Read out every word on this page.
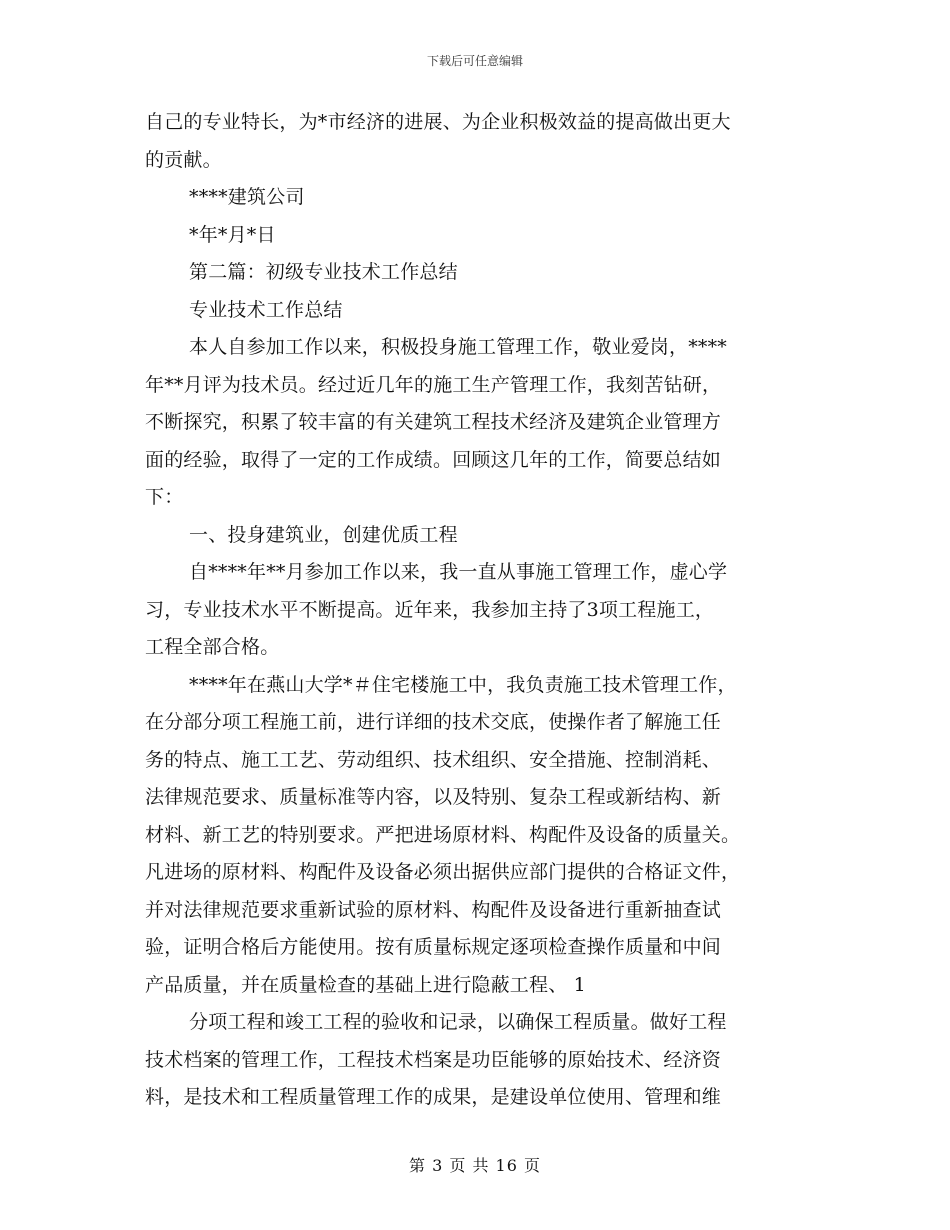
下载后可任意编辑
自己的专业特长，为*市经济的进展、为企业积极效益的提高做出更大
的贡献。
****建筑公司
*年*月*日
第二篇：初级专业技术工作总结
专业技术工作总结
本人自参加工作以来，积极投身施工管理工作，敬业爱岗，****
年**月评为技术员。经过近几年的施工生产管理工作，我刻苦钻研，
不断探究，积累了较丰富的有关建筑工程技术经济及建筑企业管理方
面的经验，取得了一定的工作成绩。回顾这几年的工作，简要总结如
下：
一、投身建筑业，创建优质工程
自****年**月参加工作以来，我一直从事施工管理工作，虚心学
习，专业技术水平不断提高。近年来，我参加主持了3项工程施工，
工程全部合格。
****年在燕山大学*＃住宅楼施工中，我负责施工技术管理工作，
在分部分项工程施工前，进行详细的技术交底，使操作者了解施工任
务的特点、施工工艺、劳动组织、技术组织、安全措施、控制消耗、
法律规范要求、质量标准等内容，以及特别、复杂工程或新结构、新
材料、新工艺的特别要求。严把进场原材料、构配件及设备的质量关。
凡进场的原材料、构配件及设备必须出据供应部门提供的合格证文件，
并对法律规范要求重新试验的原材料、构配件及设备进行重新抽查试
验，证明合格后方能使用。按有质量标规定逐项检查操作质量和中间
产品质量，并在质量检查的基础上进行隐蔽工程、 1
分项工程和竣工工程的验收和记录，以确保工程质量。做好工程
技术档案的管理工作，工程技术档案是功臣能够的原始技术、经济资
料，是技术和工程质量管理工作的成果，是建设单位使用、管理和维
第 3 页 共 16 页
